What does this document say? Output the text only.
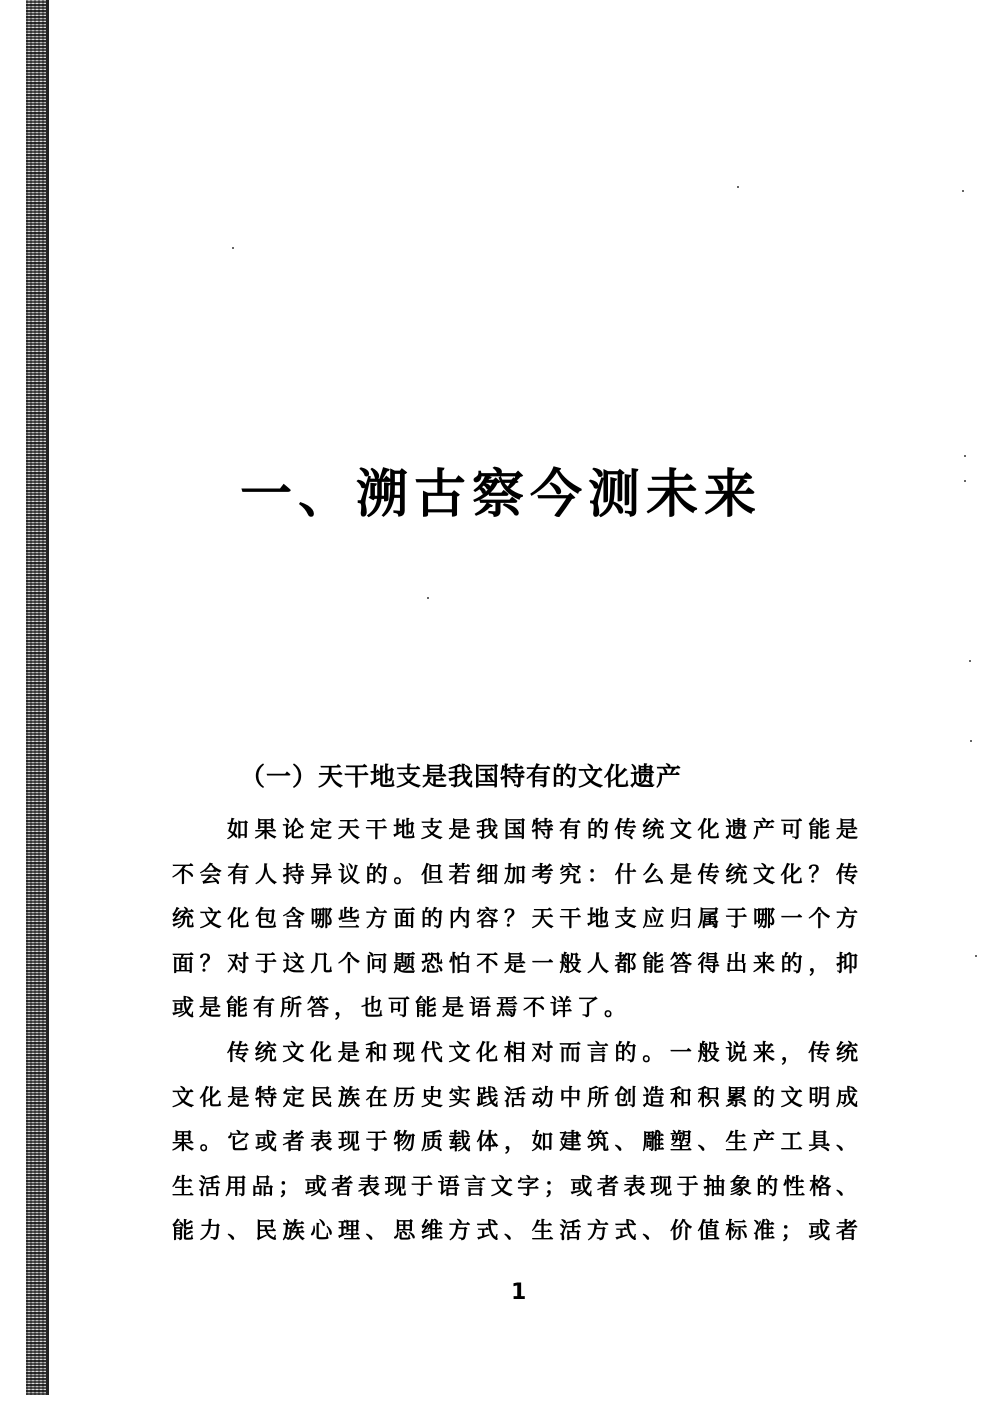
一、溯古察今测未来
（一）天干地支是我国特有的文化遗产
如果论定天干地支是我国特有的传统文化遗产可能是
不会有人持异议的。但若细加考究：什么是传统文化？传
统文化包含哪些方面的内容？天干地支应归属于哪一个方
面？对于这几个问题恐怕不是一般人都能答得出来的，抑
或是能有所答，也可能是语焉不详了。
传统文化是和现代文化相对而言的。一般说来，传统
文化是特定民族在历史实践活动中所创造和积累的文明成
果。它或者表现于物质载体，如建筑、雕塑、生产工具、
生活用品；或者表现于语言文字；或者表现于抽象的性格、
能力、民族心理、思维方式、生活方式、价值标准；或者
1
